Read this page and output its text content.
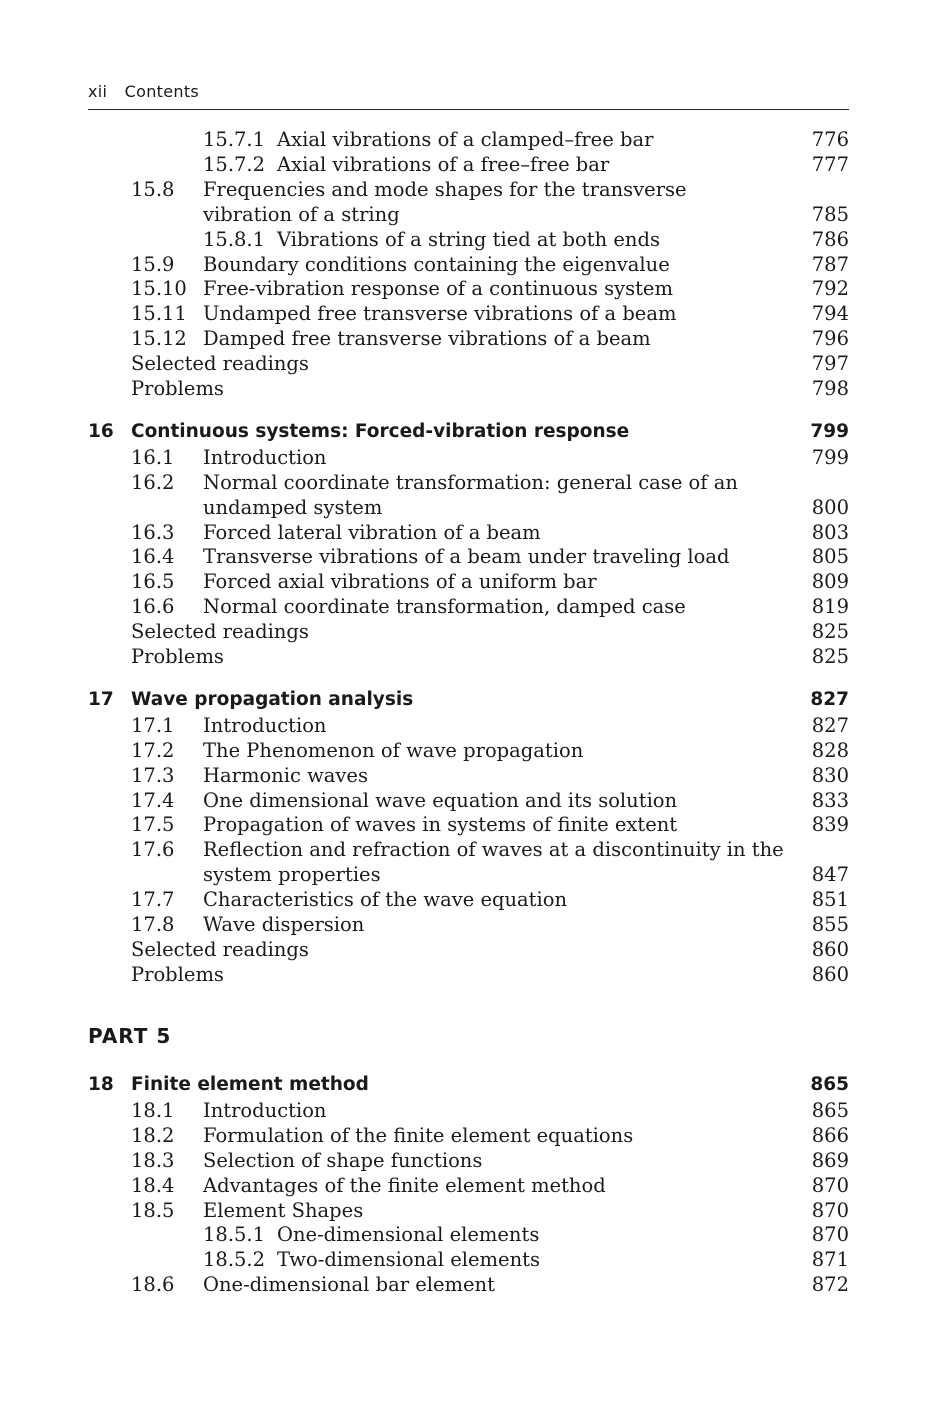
xii Contents
15.7.1 Axial vibrations of a clamped–free bar	776
15.7.2 Axial vibrations of a free–free bar	777
15.8 Frequencies and mode shapes for the transverse
vibration of a string	785
15.8.1 Vibrations of a string tied at both ends	786
15.9 Boundary conditions containing the eigenvalue	787
15.10 Free-vibration response of a continuous system	792
15.11 Undamped free transverse vibrations of a beam	794
15.12 Damped free transverse vibrations of a beam	796
Selected readings	797
Problems	798
16 Continuous systems: Forced-vibration response	799
16.1 Introduction	799
16.2 Normal coordinate transformation: general case of an
undamped system	800
16.3 Forced lateral vibration of a beam	803
16.4 Transverse vibrations of a beam under traveling load	805
16.5 Forced axial vibrations of a uniform bar	809
16.6 Normal coordinate transformation, damped case	819
Selected readings	825
Problems	825
17 Wave propagation analysis	827
17.1 Introduction	827
17.2 The Phenomenon of wave propagation	828
17.3 Harmonic waves	830
17.4 One dimensional wave equation and its solution	833
17.5 Propagation of waves in systems of finite extent	839
17.6 Reflection and refraction of waves at a discontinuity in the
system properties	847
17.7 Characteristics of the wave equation	851
17.8 Wave dispersion	855
Selected readings	860
Problems	860
PART 5
18 Finite element method	865
18.1 Introduction	865
18.2 Formulation of the finite element equations	866
18.3 Selection of shape functions	869
18.4 Advantages of the finite element method	870
18.5 Element Shapes	870
18.5.1 One-dimensional elements	870
18.5.2 Two-dimensional elements	871
18.6 One-dimensional bar element	872
